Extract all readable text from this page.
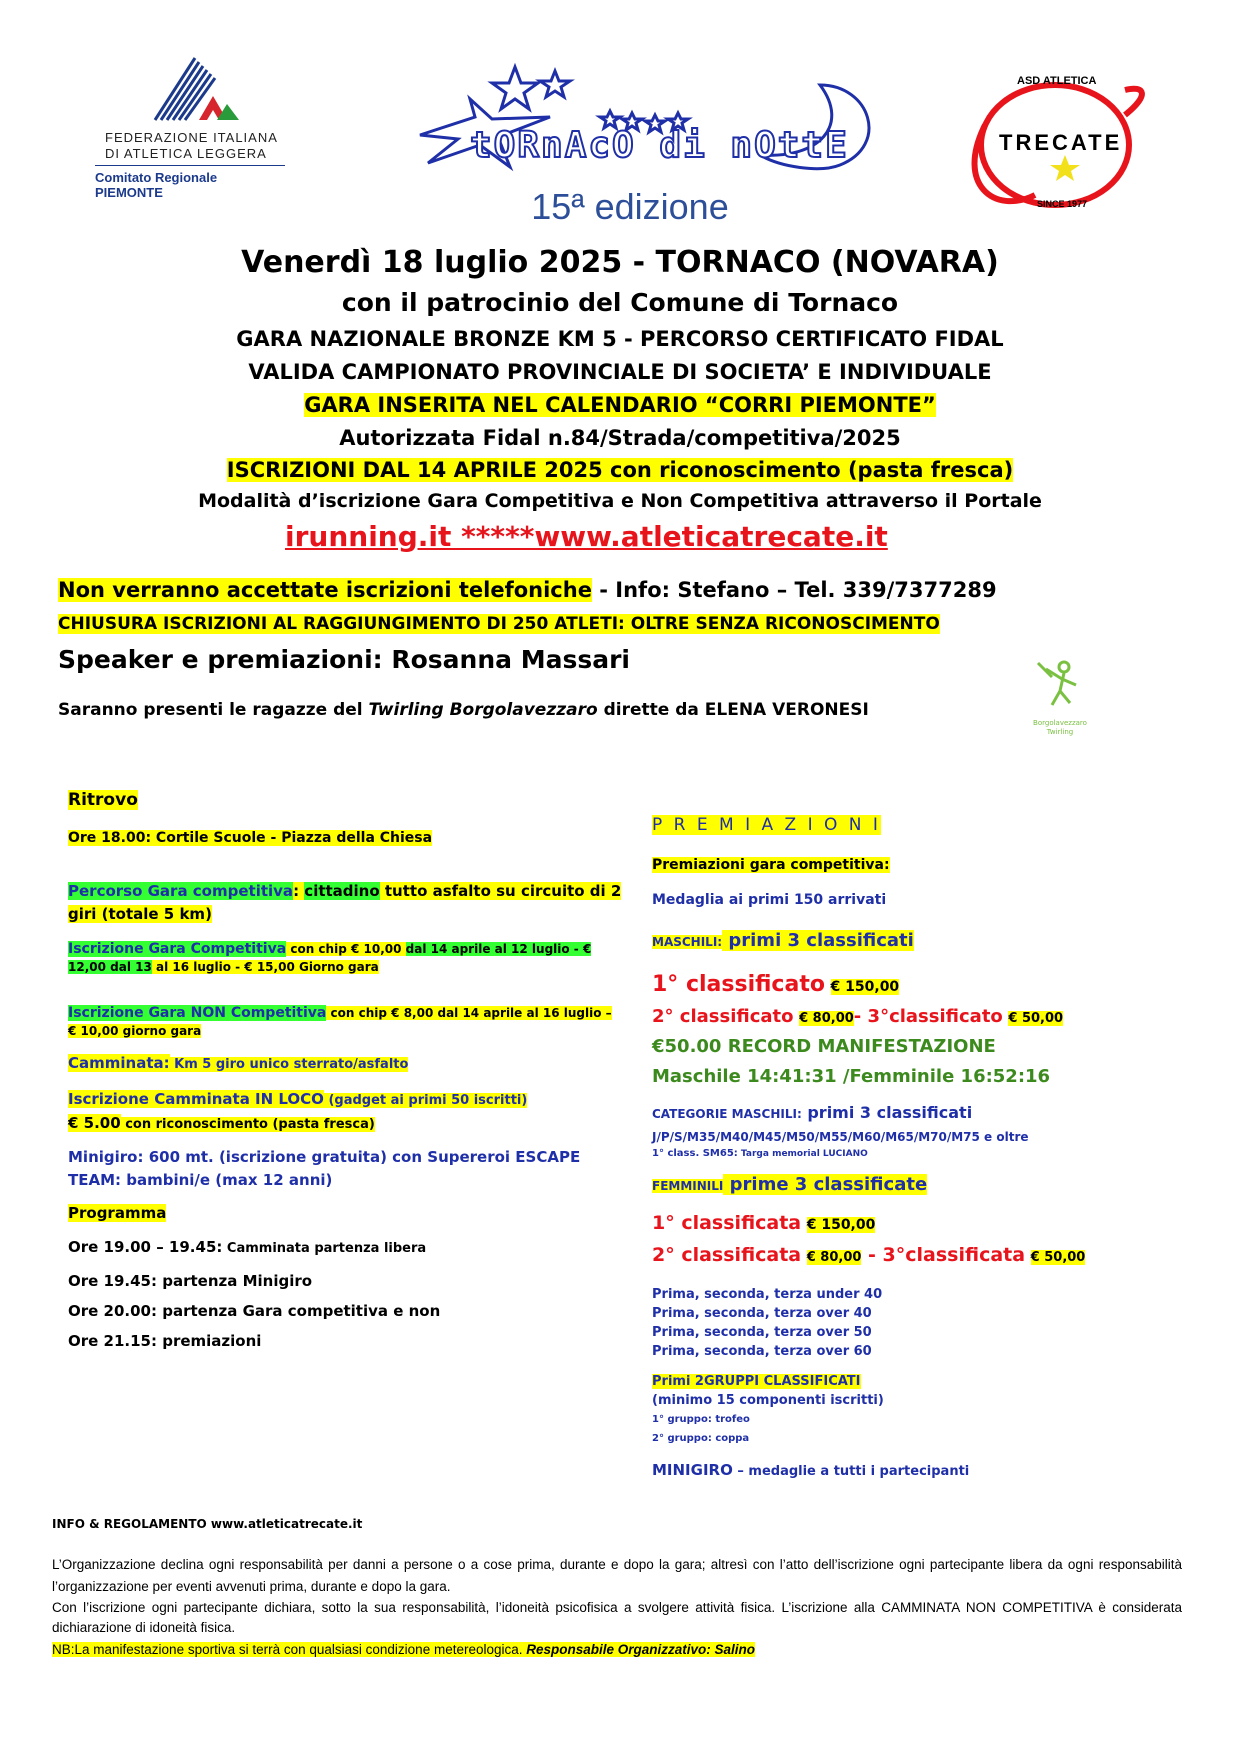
FEDERAZIONE ITALIANA
DI ATLETICA LEGGERA
Comitato Regionale PIEMONTE
tORnAcO di nOttE
ASD ATLETICA
TRECATE
SINCE 1977
15ª edizione
Venerdì 18 luglio 2025 - TORNACO (NOVARA)
con il patrocinio del Comune di Tornaco
GARA NAZIONALE BRONZE KM 5 - PERCORSO CERTIFICATO FIDAL
VALIDA CAMPIONATO PROVINCIALE DI SOCIETA’ E INDIVIDUALE
GARA INSERITA NEL CALENDARIO “CORRI PIEMONTE”
Autorizzata Fidal n.84/Strada/competitiva/2025
ISCRIZIONI DAL 14 APRILE 2025 con riconoscimento (pasta fresca)
Modalità d’iscrizione Gara Competitiva e Non Competitiva attraverso il Portale
irunning.it *****www.atleticatrecate.it
Non verranno accettate iscrizioni telefoniche - Info: Stefano – Tel. 339/7377289
CHIUSURA ISCRIZIONI AL RAGGIUNGIMENTO DI 250 ATLETI: OLTRE SENZA RICONOSCIMENTO
Speaker e premiazioni: Rosanna Massari
Saranno presenti le ragazze del Twirling Borgolavezzaro dirette da ELENA VERONESI
Borgolavezzaro Twirling
Ritrovo
Ore 18.00: Cortile Scuole - Piazza della Chiesa
Percorso Gara competitiva: cittadino tutto asfalto su circuito di 2 giri (totale 5 km)
Iscrizione Gara Competitiva con chip € 10,00 dal 14 aprile al 12 luglio - € 12,00 dal 13 al 16 luglio - € 15,00 Giorno gara
Iscrizione Gara NON Competitiva con chip € 8,00 dal 14 aprile al 16 luglio – € 10,00 giorno gara
Camminata: Km 5 giro unico sterrato/asfalto
Iscrizione Camminata IN LOCO (gadget ai primi 50 iscritti)
€ 5.00 con riconoscimento (pasta fresca)
Minigiro: 600 mt. (iscrizione gratuita) con Supereroi ESCAPE TEAM: bambini/e (max 12 anni)
Programma
Ore 19.00 – 19.45: Camminata partenza libera
Ore 19.45: partenza Minigiro
Ore 20.00: partenza Gara competitiva e non
Ore 21.15: premiazioni
P R E M I A Z I O N I
Premiazioni gara competitiva:
Medaglia ai primi 150 arrivati
MASCHILI: primi 3 classificati
1° classificato € 150,00
2° classificato € 80,00- 3°classificato € 50,00
€50.00 RECORD MANIFESTAZIONE
Maschile 14:41:31 /Femminile 16:52:16
CATEGORIE MASCHILI: primi 3 classificati
J/P/S/M35/M40/M45/M50/M55/M60/M65/M70/M75 e oltre
1° class. SM65: Targa memorial LUCIANO
FEMMINILI prime 3 classificate
1° classificata € 150,00
2° classificata € 80,00 - 3°classificata € 50,00
Prima, seconda, terza under 40
Prima, seconda, terza over 40
Prima, seconda, terza over 50
Prima, seconda, terza over 60
Primi 2GRUPPI CLASSIFICATI
(minimo 15 componenti iscritti)
1° gruppo: trofeo
2° gruppo: coppa
MINIGIRO – medaglie a tutti i partecipanti
INFO & REGOLAMENTO www.atleticatrecate.it
L’Organizzazione declina ogni responsabilità per danni a persone o a cose prima, durante e dopo la gara; altresì con l’atto dell’iscrizione ogni partecipante libera da ogni responsabilità l’organizzazione per eventi avvenuti prima, durante e dopo la gara.
Con l’iscrizione ogni partecipante dichiara, sotto la sua responsabilità, l’idoneità psicofisica a svolgere attività fisica. L’iscrizione alla CAMMINATA NON COMPETITIVA è considerata dichiarazione di idoneità fisica.
NB:La manifestazione sportiva si terrà con qualsiasi condizione metereologica. Responsabile Organizzativo: Salino
